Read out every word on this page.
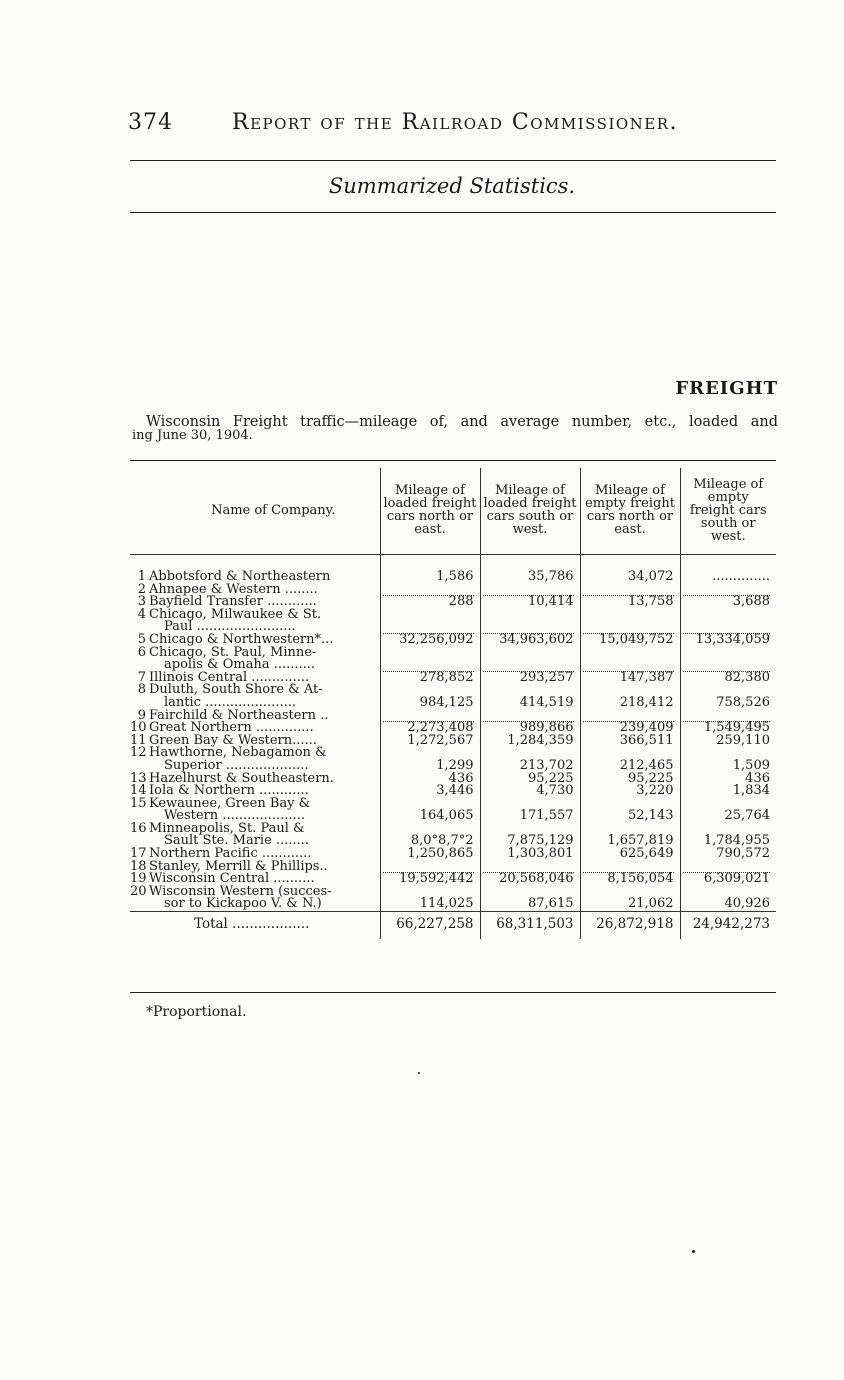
374	Report of the Railroad Commissioner.
Summarized Statistics.
FREIGHT
Wisconsin Freight traffic—mileage of, and average number, etc., loaded and
ing June 30, 1904.
Name of Company.	Mileage of loaded freight cars north or east.	Mileage of loaded freight cars south or west.	Mileage of empty freight cars north or east.	Mileage of empty freight cars south or west.

1 Abbotsford & Northeastern	1,586	35,786	34,072	..............
2 Ahnapee & Western ........	

3 Bayfield Transfer ............	288	10,414	13,758	3,688
4 Chicago, Milwaukee & St.
Paul ........................				

5 Chicago & Northwestern*...	32,256,092	34,963,602	15,049,752	13,334,059
6 Chicago, St. Paul, Minne-
apolis & Omaha ..........				

7 Illinois Central ..............	278,852	293,257	147,387	82,380
8 Duluth, South Shore & At-
lantic ......................	984,125	414,519	218,412	758,526
9 Fairchild & Northeastern ..	

10 Great Northern ..............	2,273,408	989,866	239,409	1,549,495
11 Green Bay & Western......	1,272,567	1,284,359	366,511	259,110
12 Hawthorne, Nebagamon &
Superior ....................	1,299	213,702	212,465	1,509
13 Hazelhurst & Southeastern.	436	95,225	95,225	436
14 Iola & Northern ............	3,446	4,730	3,220	1,834
15 Kewaunee, Green Bay &
Western ....................	164,065	171,557	52,143	25,764
16 Minneapolis, St. Paul &
Sault Ste. Marie ........	8,0°8,7°2	7,875,129	1,657,819	1,784,955
17 Northern Pacific ............	1,250,865	1,303,801	625,649	790,572
18 Stanley, Merrill & Phillips..	

19 Wisconsin Central ..........	19,592,442	20,568,046	8,156,054	6,309,021
20 Wisconsin Western (succes-
sor to Kickapoo V. & N.)	114,025	87,615	21,062	40,926
Total ..................	66,227,258	68,311,503	26,872,918	24,942,273
*Proportional.
